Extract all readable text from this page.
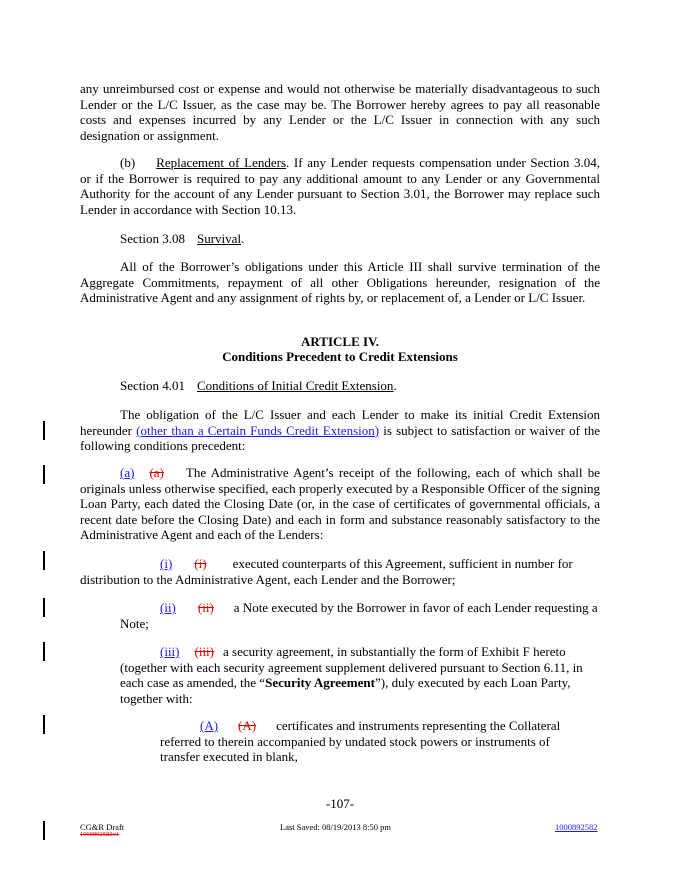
any unreimbursed cost or expense and would not otherwise be materially disadvantageous to such Lender or the L/C Issuer, as the case may be. The Borrower hereby agrees to pay all reasonable costs and expenses incurred by any Lender or the L/C Issuer in connection with any such designation or assignment.

(b) Replacement of Lenders. If any Lender requests compensation under Section 3.04, or if the Borrower is required to pay any additional amount to any Lender or any Governmental Authority for the account of any Lender pursuant to Section 3.01, the Borrower may replace such Lender in accordance with Section 10.13.

Section 3.08 Survival.

All of the Borrower’s obligations under this Article III shall survive termination of the Aggregate Commitments, repayment of all other Obligations hereunder, resignation of the Administrative Agent and any assignment of rights by, or replacement of, a Lender or L/C Issuer.

ARTICLE IV.

Conditions Precedent to Credit Extensions

Section 4.01 Conditions of Initial Credit Extension.

The obligation of the L/C Issuer and each Lender to make its initial Credit Extension hereunder (other than a Certain Funds Credit Extension) is subject to satisfaction or waiver of the following conditions precedent:

(a) (a) The Administrative Agent’s receipt of the following, each of which shall be originals unless otherwise specified, each properly executed by a Responsible Officer of the signing Loan Party, each dated the Closing Date (or, in the case of certificates of governmental officials, a recent date before the Closing Date) and each in form and substance reasonably satisfactory to the Administrative Agent and each of the Lenders:

(i) (i) executed counterparts of this Agreement, sufficient in number for distribution to the Administrative Agent, each Lender and the Borrower;

(ii) (ii) a Note executed by the Borrower in favor of each Lender requesting a Note;

(iii) (iii) a security agreement, in substantially the form of Exhibit F hereto (together with each security agreement supplement delivered pursuant to Section 6.11, in each case as amended, the “Security Agreement”), duly executed by each Loan Party, together with:

(A) (A) certificates and instruments representing the Collateral referred to therein accompanied by undated stock powers or instruments of transfer executed in blank,

-107-
CG&R Draft
1000892582v1
Last Saved: 08/19/2013 8:50 pm	1000892582
